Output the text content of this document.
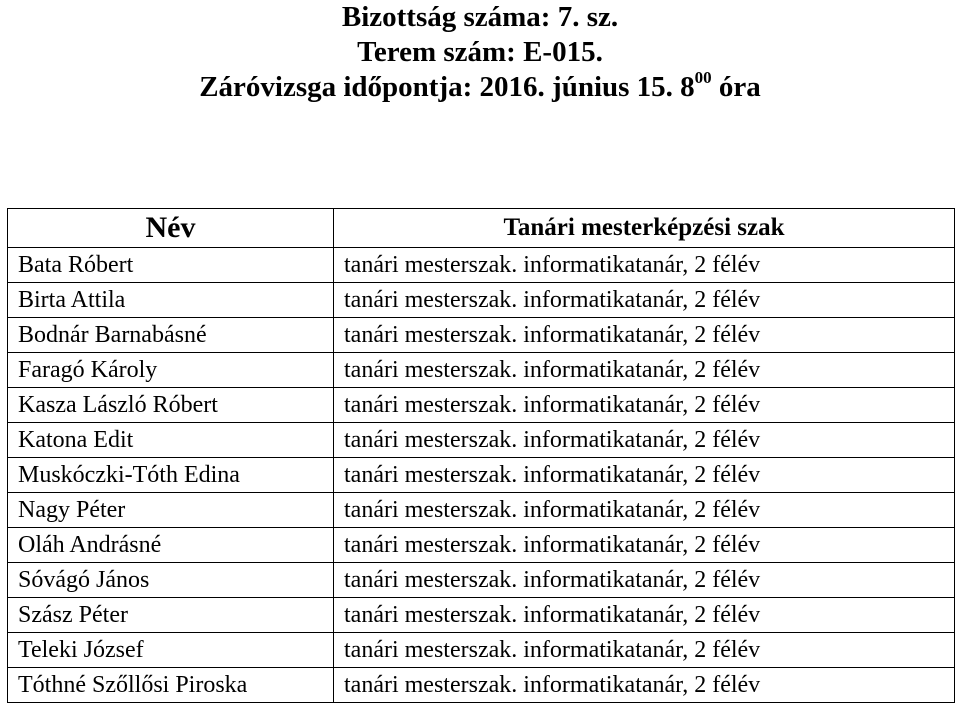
Bizottság száma: 7. sz.
Terem szám: E-015.
Záróvizsga időpontja: 2016. június 15. $8^{00}$ óra
Név	Tanári mesterképzési szak
Bata Róbert	tanári mesterszak. informatikatanár, 2 félév
Birta Attila	tanári mesterszak. informatikatanár, 2 félév
Bodnár Barnabásné	tanári mesterszak. informatikatanár, 2 félév
Faragó Károly	tanári mesterszak. informatikatanár, 2 félév
Kasza László Róbert	tanári mesterszak. informatikatanár, 2 félév
Katona Edit	tanári mesterszak. informatikatanár, 2 félév
Muskóczki-Tóth Edina	tanári mesterszak. informatikatanár, 2 félév
Nagy Péter	tanári mesterszak. informatikatanár, 2 félév
Oláh Andrásné	tanári mesterszak. informatikatanár, 2 félév
Sóvágó János	tanári mesterszak. informatikatanár, 2 félév
Szász Péter	tanári mesterszak. informatikatanár, 2 félév
Teleki József	tanári mesterszak. informatikatanár, 2 félév
Tóthné Szőllősi Piroska	tanári mesterszak. informatikatanár, 2 félév
